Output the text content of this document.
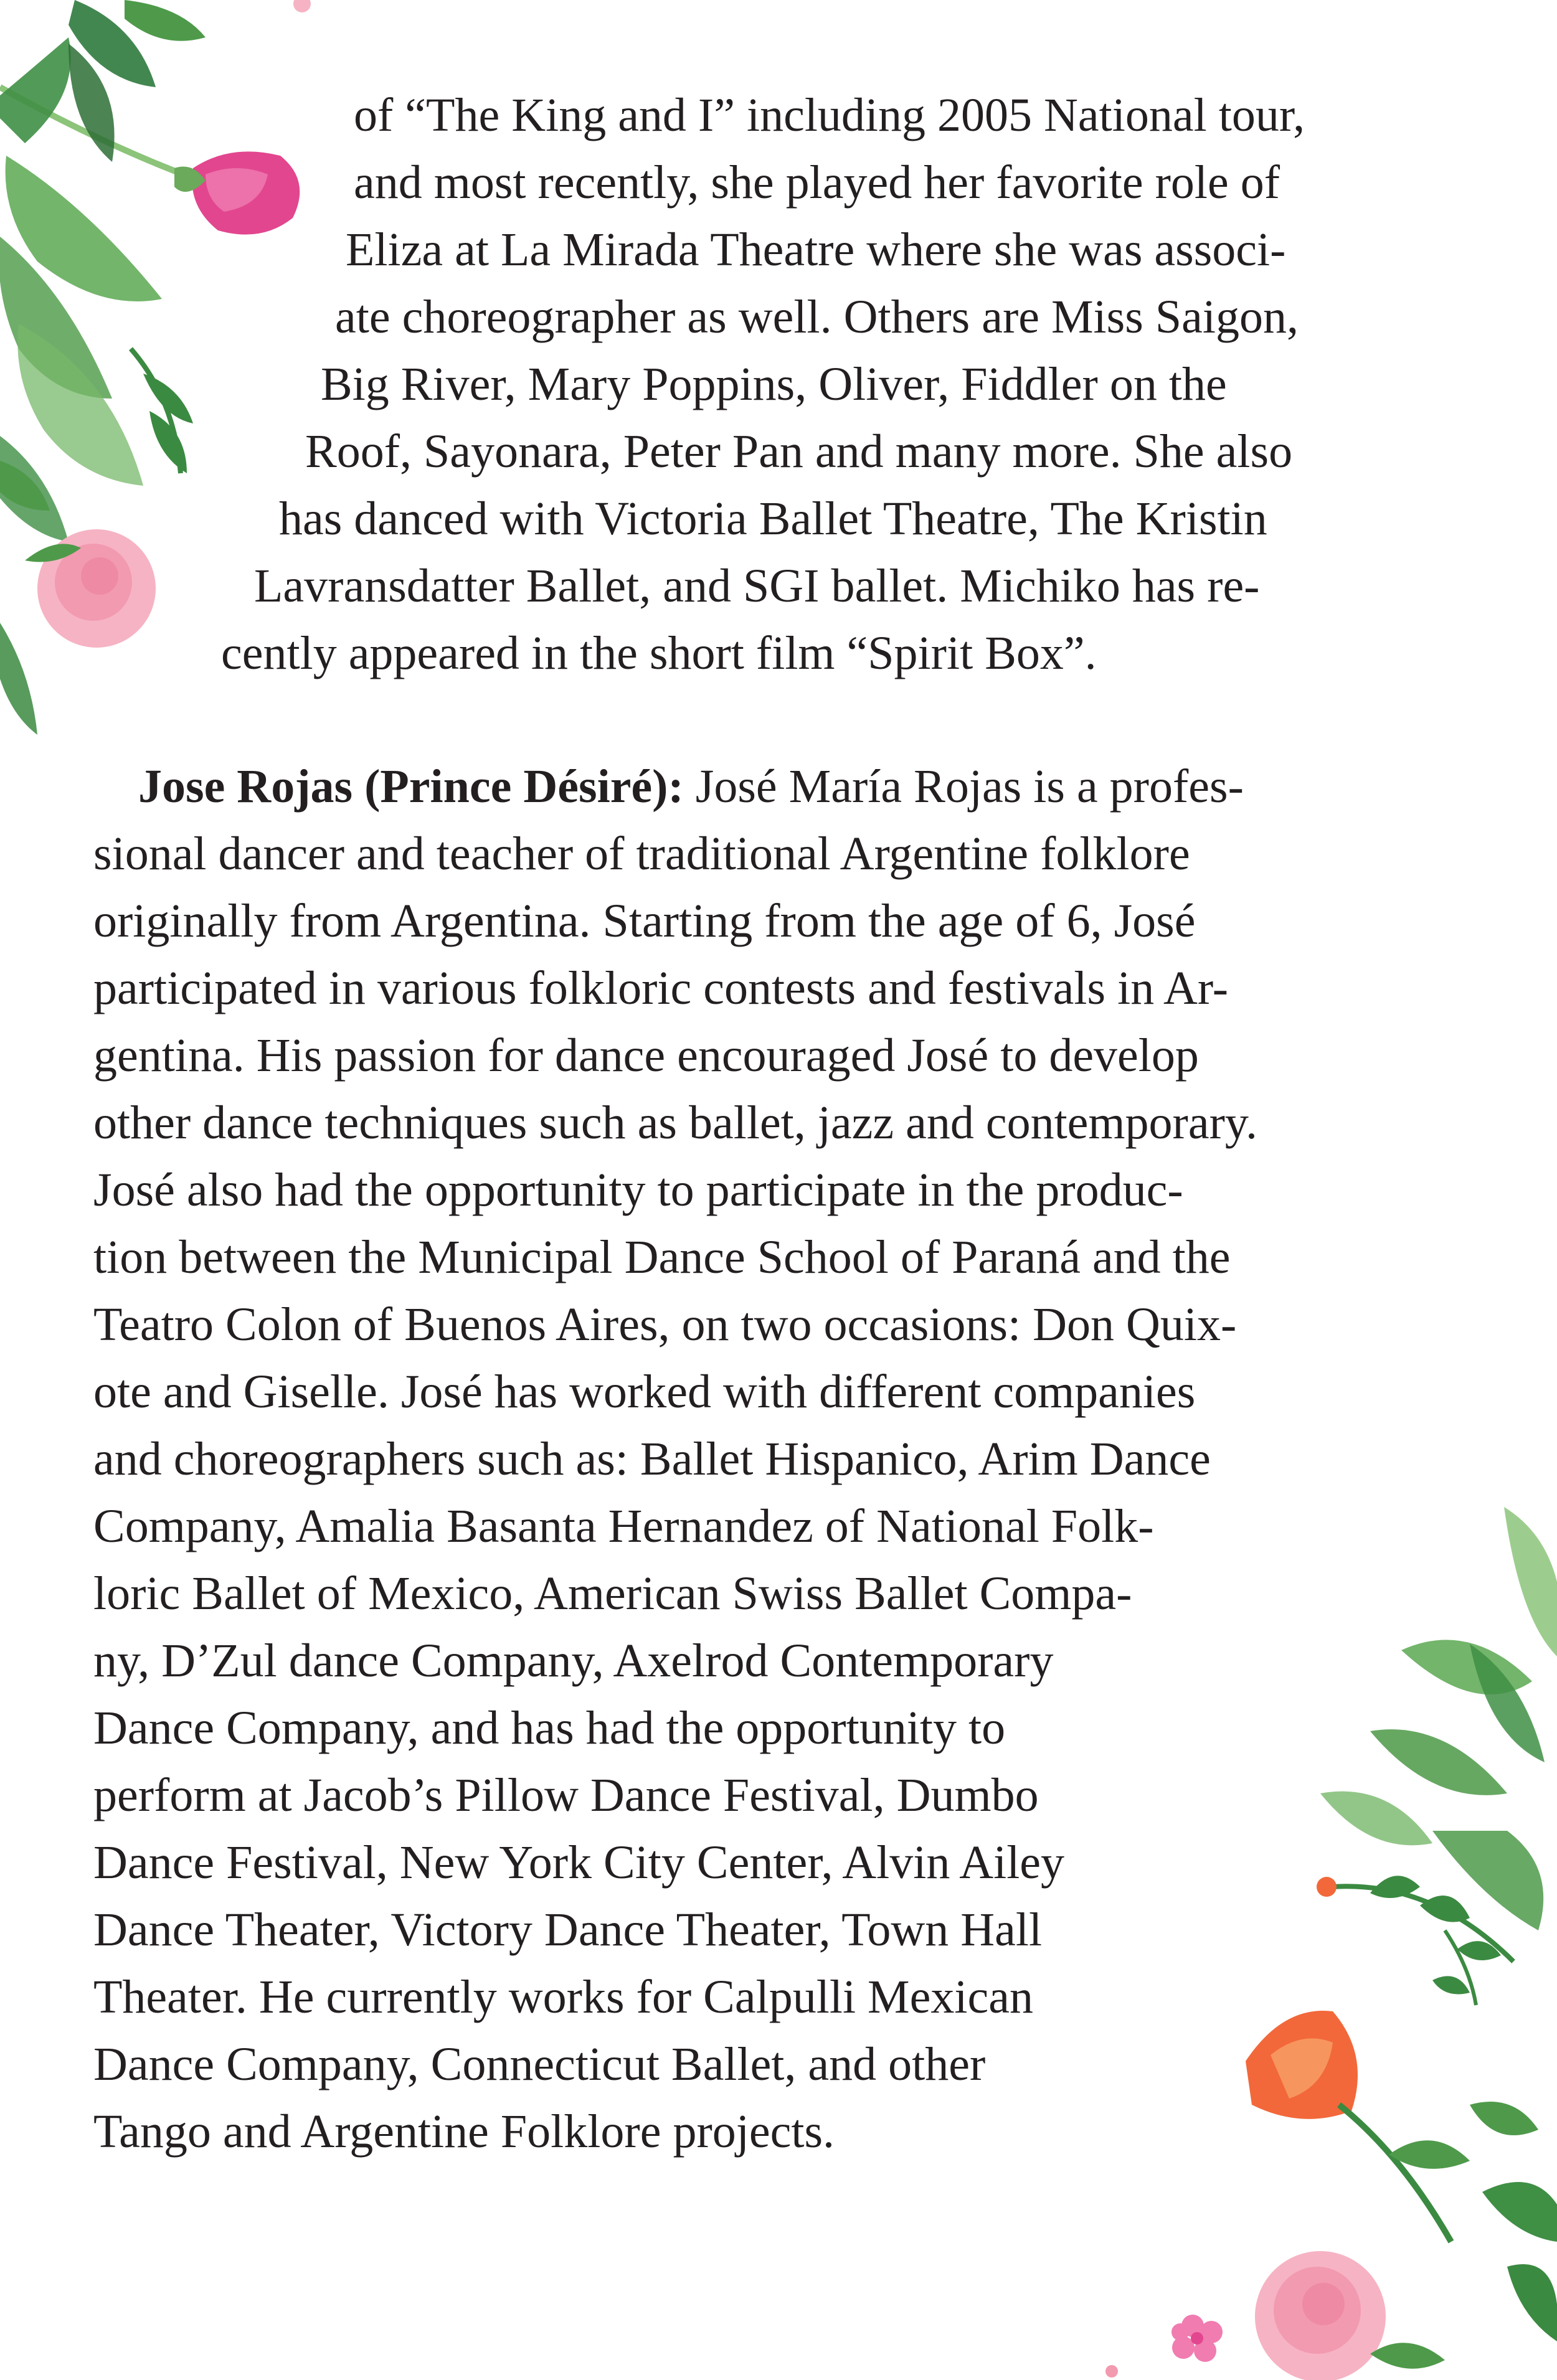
of “The King and I” including 2005 National tour,
and most recently, she played her favorite role of
Eliza at La Mirada Theatre where she was associ-
ate choreographer as well. Others are Miss Saigon,
Big River, Mary Poppins, Oliver, Fiddler on the
Roof, Sayonara, Peter Pan and many more. She also
has danced with Victoria Ballet Theatre, The Kristin
Lavransdatter Ballet, and SGI ballet. Michiko has re-
cently appeared in the short film “Spirit Box”.
Jose Rojas (Prince Désiré): José María Rojas is a profes-
sional dancer and teacher of traditional Argentine folklore
originally from Argentina. Starting from the age of 6, José
participated in various folkloric contests and festivals in Ar-
gentina. His passion for dance encouraged José to develop
other dance techniques such as ballet, jazz and contemporary.
José also had the opportunity to participate in the produc-
tion between the Municipal Dance School of Paraná and the
Teatro Colon of Buenos Aires, on two occasions: Don Quix-
ote and Giselle. José has worked with different companies
and choreographers such as: Ballet Hispanico, Arim Dance
Company, Amalia Basanta Hernandez of National Folk-
loric Ballet of Mexico, American Swiss Ballet Compa-
ny, D’Zul dance Company, Axelrod Contemporary
Dance Company, and has had the opportunity to
perform at Jacob’s Pillow Dance Festival, Dumbo
Dance Festival, New York City Center, Alvin Ailey
Dance Theater, Victory Dance Theater, Town Hall
Theater. He currently works for Calpulli Mexican
Dance Company, Connecticut Ballet, and other
Tango and Argentine Folklore projects.
